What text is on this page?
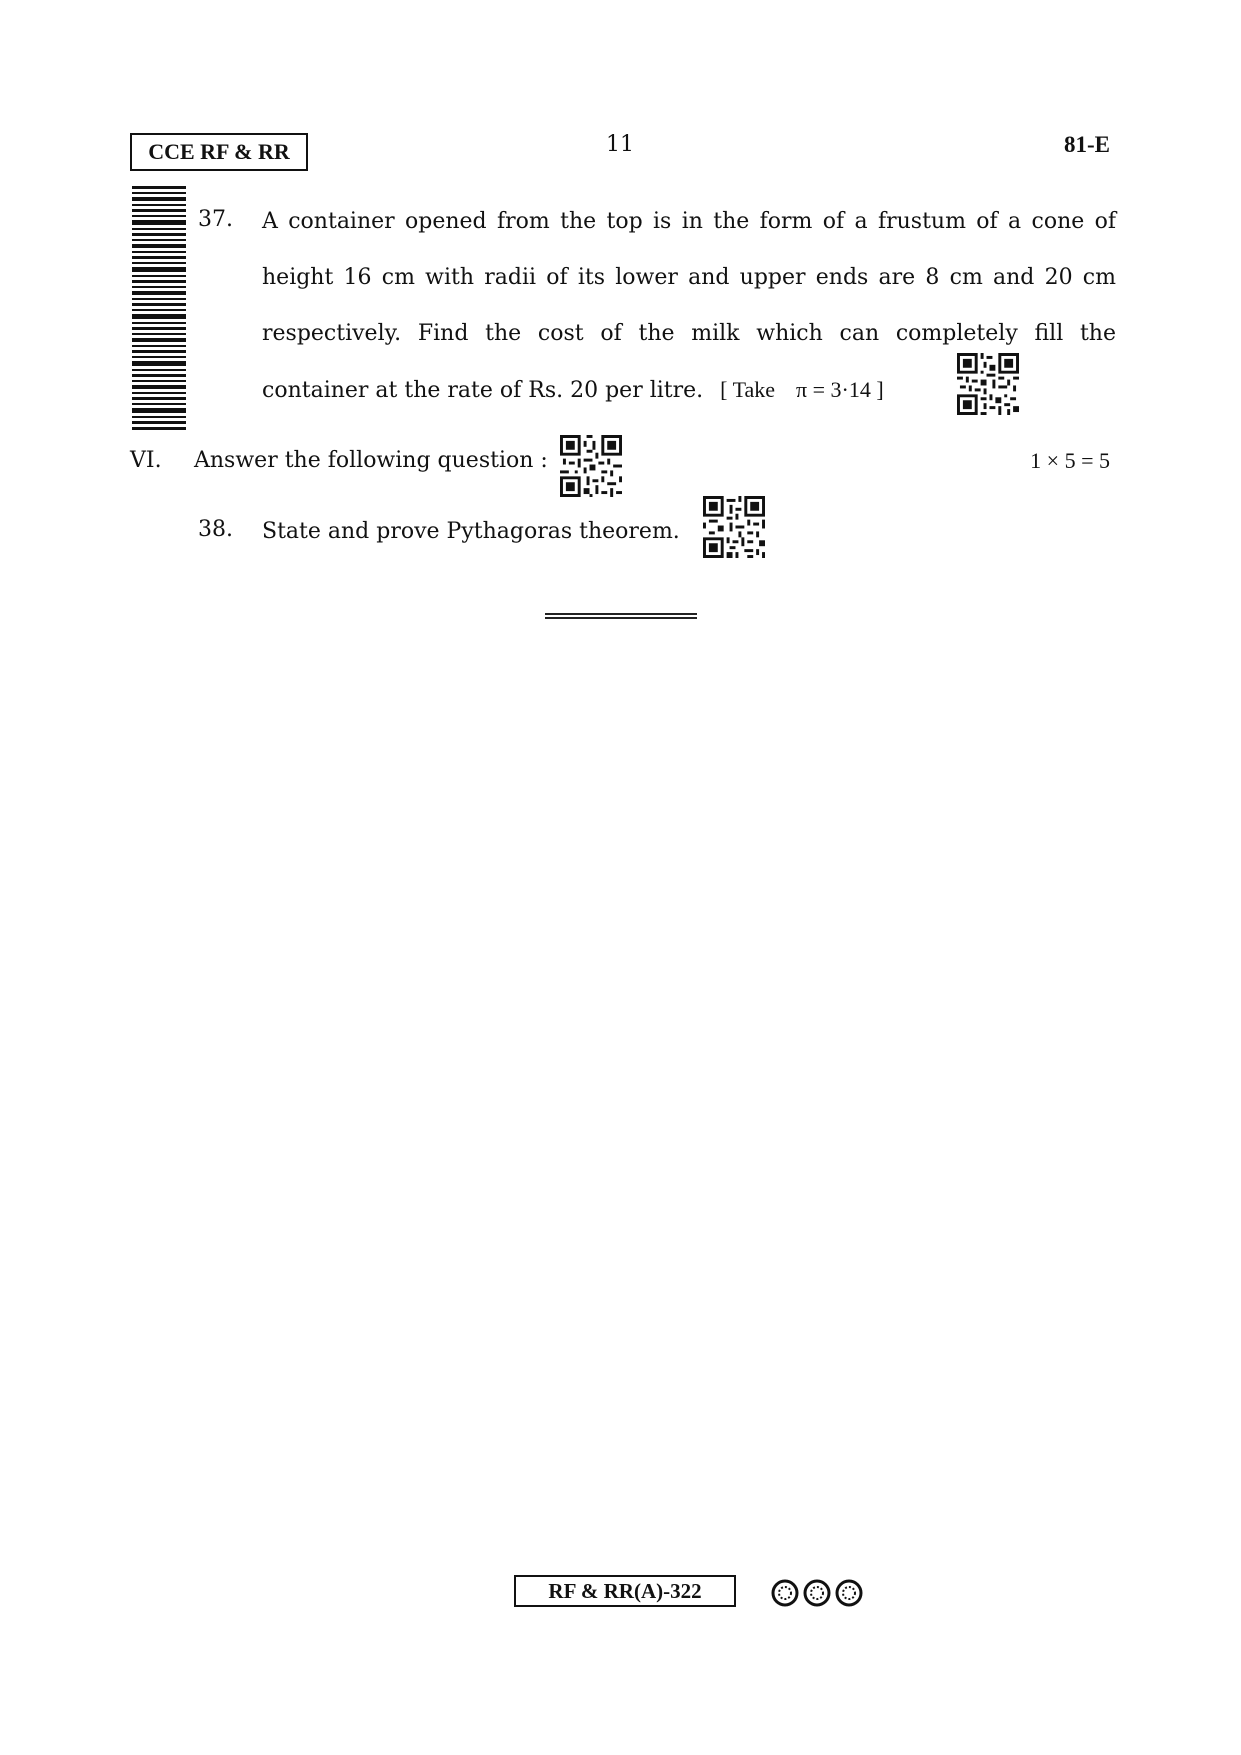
CCE RF & RR	11	81-E
37. A container opened from the top is in the form of a frustum of a cone of
height 16 cm with radii of its lower and upper ends are 8 cm and 20 cm
respectively. Find the cost of the milk which can completely fill the
container at the rate of Rs. 20 per litre. [ Take π = 3·14 ]
VI. Answer the following question :	1 × 5 = 5
38. State and prove Pythagoras theorem.
RF & RR(A)-322
